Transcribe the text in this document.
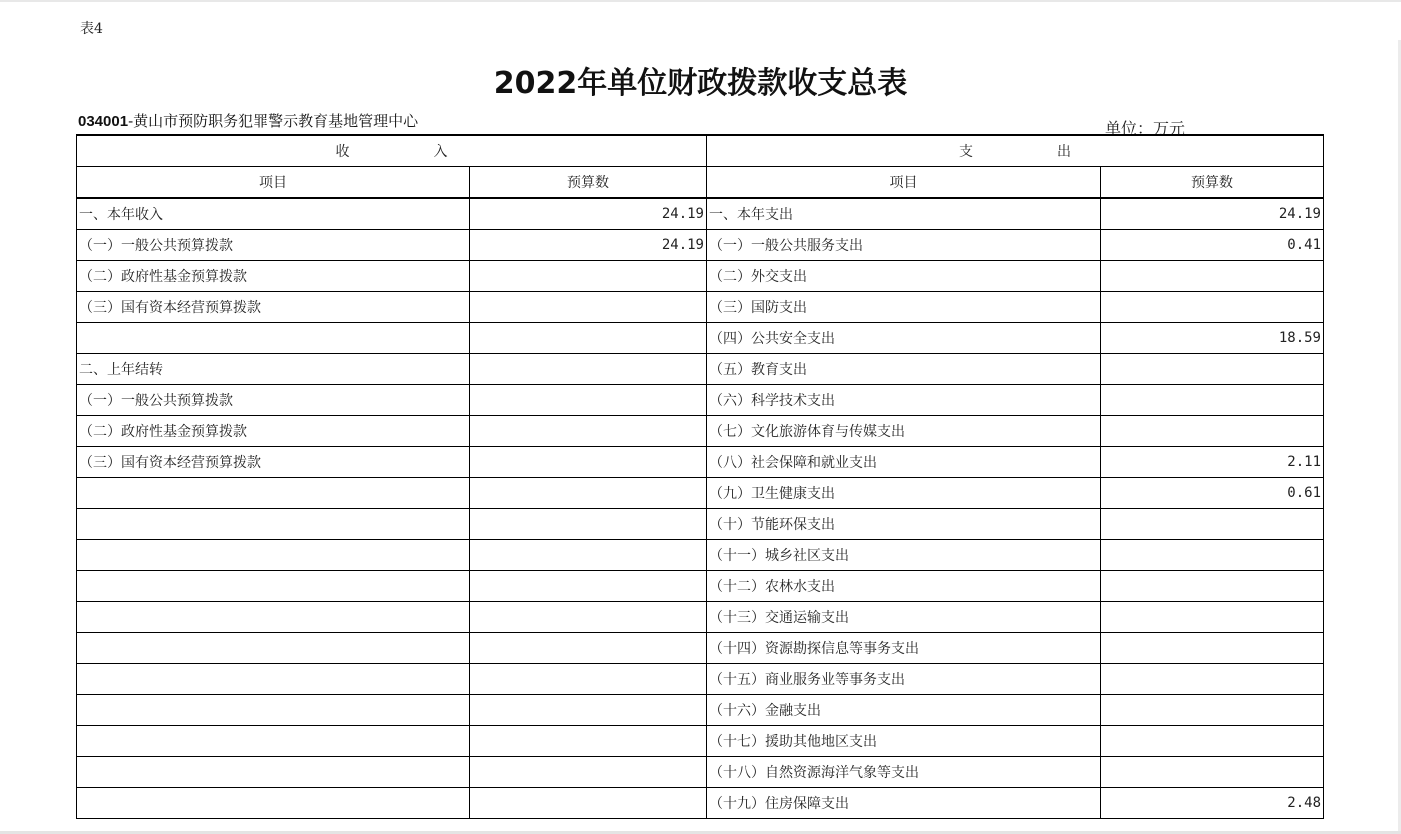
表4
2022年单位财政拨款收支总表
034001-黄山市预防职务犯罪警示教育基地管理中心	单位：万元
收　　　　　　入		支　　　　　　出	
项目	预算数	项目	预算数
一、本年收入	24.19	一、本年支出	24.19
（一）一般公共预算拨款	24.19	（一）一般公共服务支出	0.41
（二）政府性基金预算拨款		（二）外交支出	
（三）国有资本经营预算拨款		（三）国防支出	
		（四）公共安全支出	18.59
二、上年结转		（五）教育支出	
（一）一般公共预算拨款		（六）科学技术支出	
（二）政府性基金预算拨款		（七）文化旅游体育与传媒支出	
（三）国有资本经营预算拨款		（八）社会保障和就业支出	2.11
		（九）卫生健康支出	0.61
		（十）节能环保支出	
		（十一）城乡社区支出	
		（十二）农林水支出	
		（十三）交通运输支出	
		（十四）资源勘探信息等事务支出	
		（十五）商业服务业等事务支出	
		（十六）金融支出	
		（十七）援助其他地区支出	
		（十八）自然资源海洋气象等支出	
		（十九）住房保障支出	2.48
